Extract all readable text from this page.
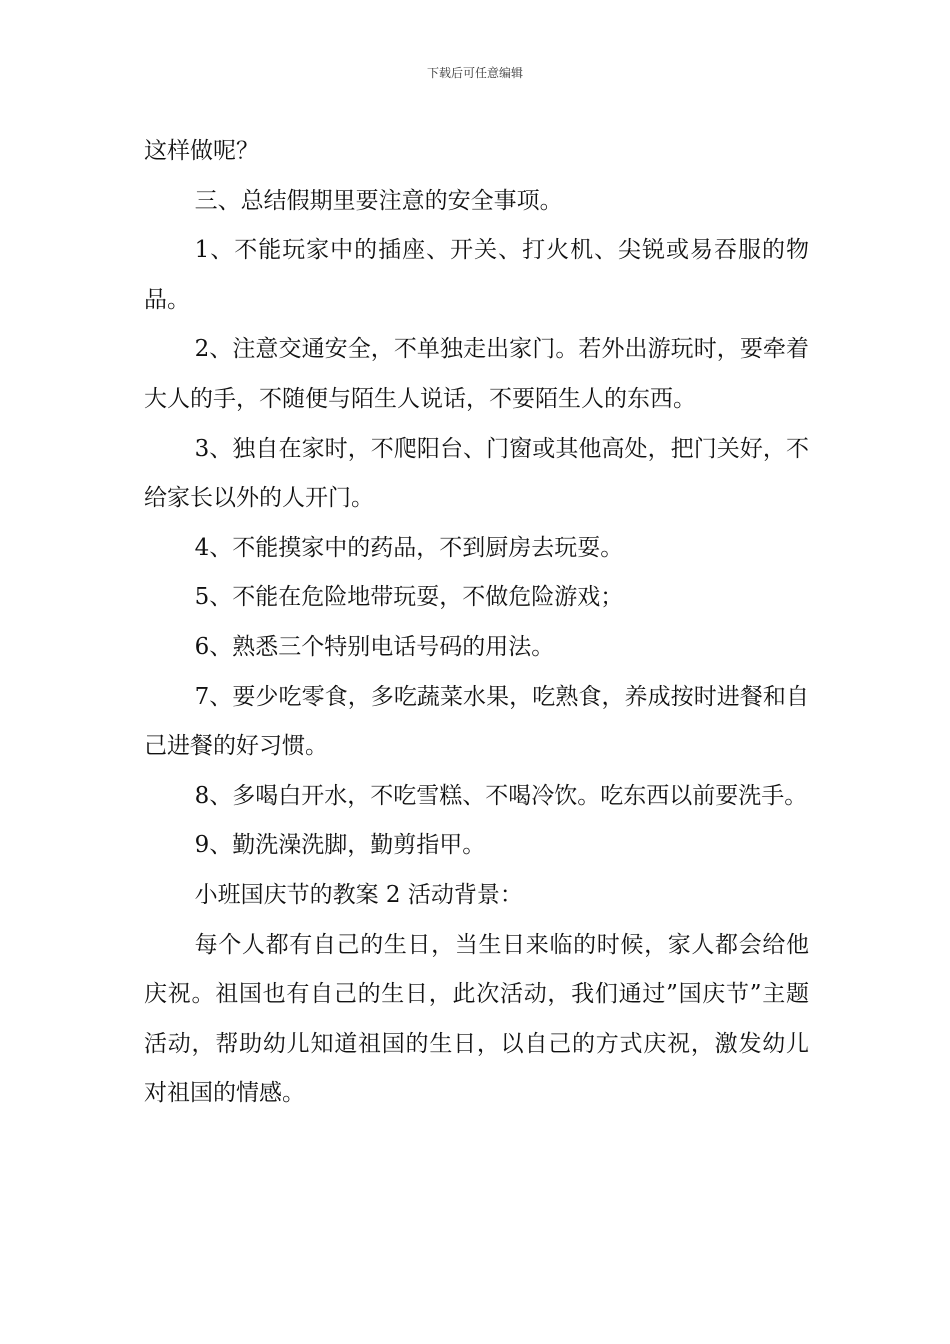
下载后可任意编辑

这样做呢？

三、总结假期里要注意的安全事项。

1、不能玩家中的插座、开关、打火机、尖锐或易吞服的物品。

2、注意交通安全，不单独走出家门。若外出游玩时，要牵着大人的手，不随便与陌生人说话，不要陌生人的东西。

3、独自在家时，不爬阳台、门窗或其他高处，把门关好，不给家长以外的人开门。

4、不能摸家中的药品，不到厨房去玩耍。

5、不能在危险地带玩耍，不做危险游戏；

6、熟悉三个特别电话号码的用法。

7、要少吃零食，多吃蔬菜水果，吃熟食，养成按时进餐和自己进餐的好习惯。

8、多喝白开水，不吃雪糕、不喝冷饮。吃东西以前要洗手。

9、勤洗澡洗脚，勤剪指甲。

小班国庆节的教案 2 活动背景：

每个人都有自己的生日，当生日来临的时候，家人都会给他庆祝。祖国也有自己的生日，此次活动，我们通过”国庆节”主题活动，帮助幼儿知道祖国的生日，以自己的方式庆祝，激发幼儿对祖国的情感。
